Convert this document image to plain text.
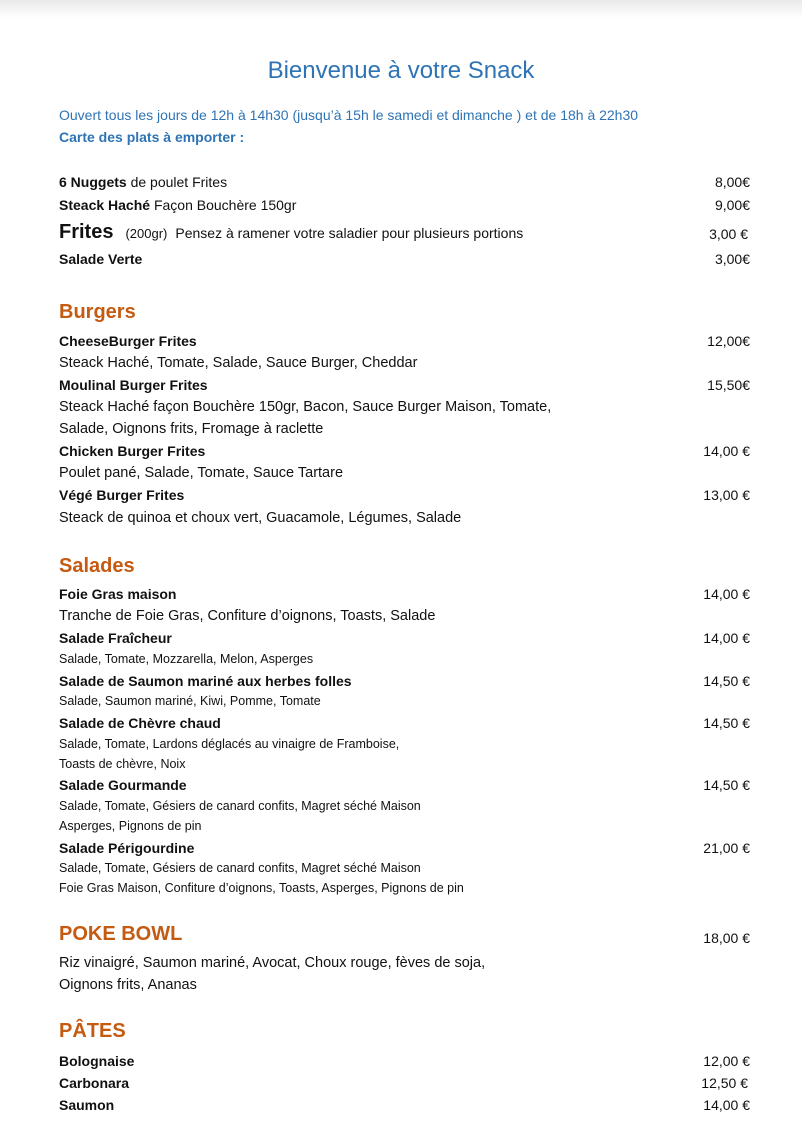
Bienvenue à votre Snack
Ouvert tous les jours de 12h à 14h30 (jusqu’à 15h le samedi et dimanche ) et de 18h à 22h30
Carte des plats à emporter :
6 Nuggets de poulet Frites	8,00€
Steack Haché Façon Bouchère 150gr	9,00€
Frites (200gr) Pensez à ramener votre saladier pour plusieurs portions	3,00 €
Salade Verte	3,00€
Burgers
CheeseBurger Frites	12,00€
Steack Haché, Tomate, Salade, Sauce Burger, Cheddar
Moulinal Burger Frites	15,50€
Steack Haché façon Bouchère 150gr, Bacon, Sauce Burger Maison, Tomate,
Salade, Oignons frits, Fromage à raclette
Chicken Burger Frites	14,00 €
Poulet pané, Salade, Tomate, Sauce Tartare
Végé Burger Frites	13,00 €
Steack de quinoa et choux vert, Guacamole, Légumes, Salade
Salades
Foie Gras maison	14,00 €
Tranche de Foie Gras, Confiture d’oignons, Toasts, Salade
Salade Fraîcheur	14,00 €
Salade, Tomate, Mozzarella, Melon, Asperges
Salade de Saumon mariné aux herbes folles	14,50 €
Salade, Saumon mariné, Kiwi, Pomme, Tomate
Salade de Chèvre chaud	14,50 €
Salade, Tomate, Lardons déglacés au vinaigre de Framboise,
Toasts de chèvre, Noix
Salade Gourmande	14,50 €
Salade, Tomate, Gésiers de canard confits, Magret séché Maison
Asperges, Pignons de pin
Salade Périgourdine	21,00 €
Salade, Tomate, Gésiers de canard confits, Magret séché Maison
Foie Gras Maison, Confiture d’oignons, Toasts, Asperges, Pignons de pin
POKE BOWL	18,00 €
Riz vinaigré, Saumon mariné, Avocat, Choux rouge, fèves de soja,
Oignons frits, Ananas
PÂTES
Bolognaise	12,00 €
Carbonara	12,50 €
Saumon	14,00 €
